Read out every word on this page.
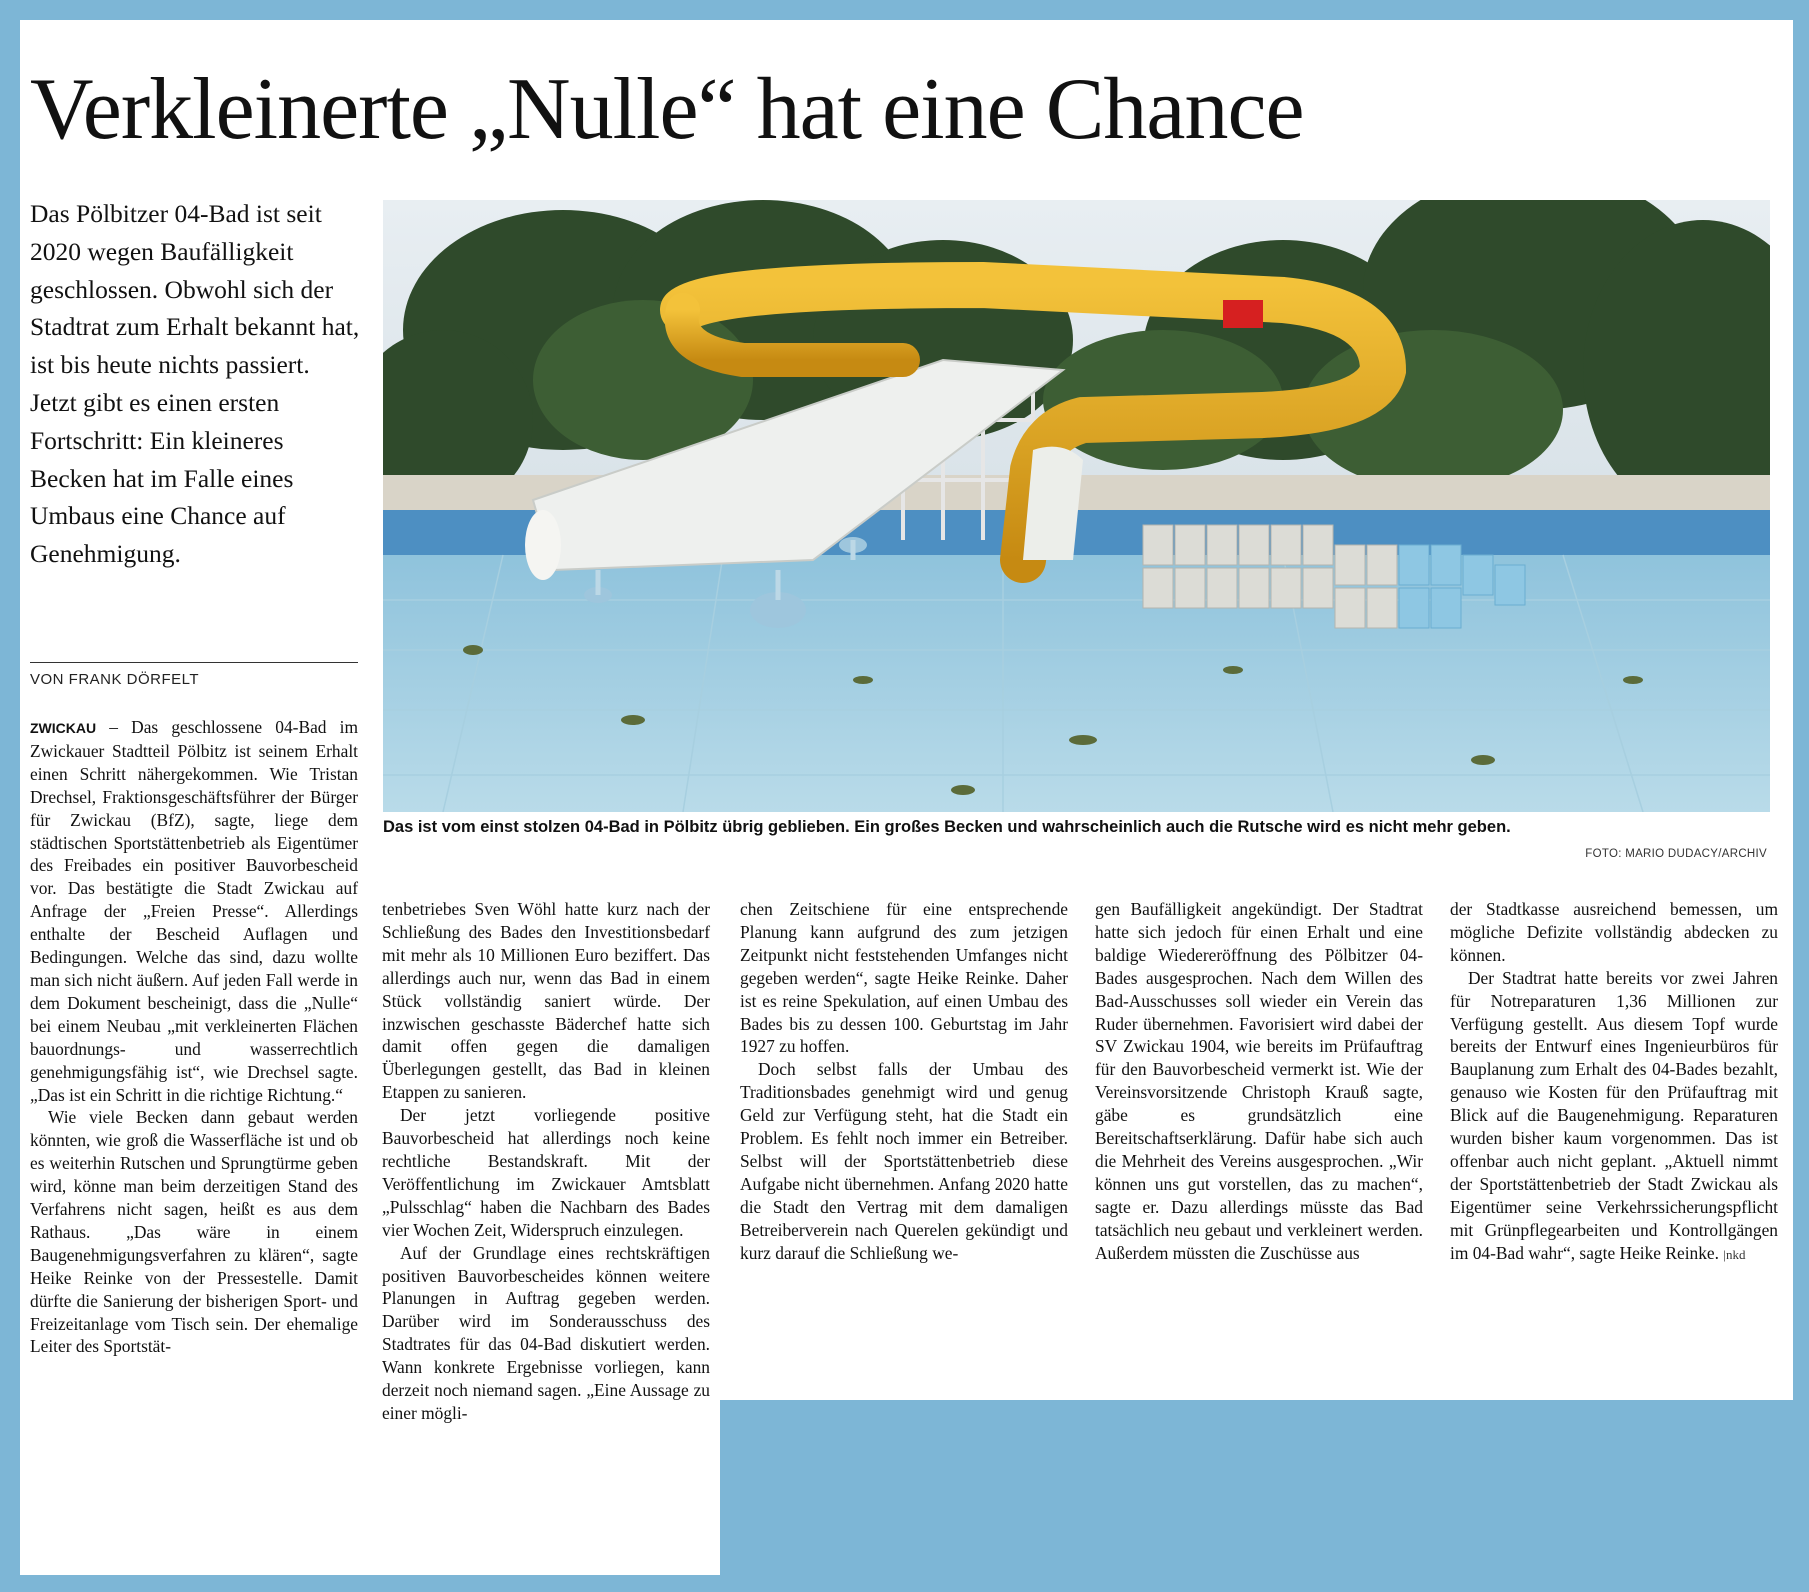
Verkleinerte „Nulle“ hat eine Chance

Das Pölbitzer 04-Bad ist seit 2020 wegen Baufälligkeit geschlossen. Obwohl sich der Stadtrat zum Erhalt bekannt hat, ist bis heute nichts passiert. Jetzt gibt es einen ersten Fortschritt: Ein kleineres Becken hat im Falle eines Umbaus eine Chance auf Genehmigung.

VON FRANK DÖRFELT
Das ist vom einst stolzen 04-Bad in Pölbitz übrig geblieben. Ein großes Becken und wahrscheinlich auch die Rutsche wird es nicht mehr geben.
FOTO: MARIO DUDACY/ARCHIV

ZWICKAU – Das geschlossene 04-Bad im Zwickauer Stadtteil Pölbitz ist seinem Erhalt einen Schritt nähergekommen. Wie Tristan Drechsel, Fraktionsgeschäftsführer der Bürger für Zwickau (BfZ), sagte, liege dem städtischen Sportstättenbetrieb als Eigentümer des Freibades ein positiver Bauvorbescheid vor. Das bestätigte die Stadt Zwickau auf Anfrage der „Freien Presse“. Allerdings enthalte der Bescheid Auflagen und Bedingungen. Welche das sind, dazu wollte man sich nicht äußern. Auf jeden Fall werde in dem Dokument bescheinigt, dass die „Nulle“ bei einem Neubau „mit verkleinerten Flächen bauordnungs- und wasserrechtlich genehmigungsfähig ist“, wie Drechsel sagte. „Das ist ein Schritt in die richtige Richtung.“

Wie viele Becken dann gebaut werden könnten, wie groß die Wasserfläche ist und ob es weiterhin Rutschen und Sprungtürme geben wird, könne man beim derzeitigen Stand des Verfahrens nicht sagen, heißt es aus dem Rathaus. „Das wäre in einem Baugenehmigungsverfahren zu klären“, sagte Heike Reinke von der Pressestelle. Damit dürfte die Sanierung der bisherigen Sport- und Freizeitanlage vom Tisch sein. Der ehemalige Leiter des Sportstät-

tenbetriebes Sven Wöhl hatte kurz nach der Schließung des Bades den Investitionsbedarf mit mehr als 10 Millionen Euro beziffert. Das allerdings auch nur, wenn das Bad in einem Stück vollständig saniert würde. Der inzwischen geschasste Bäderchef hatte sich damit offen gegen die damaligen Überlegungen gestellt, das Bad in kleinen Etappen zu sanieren.

Der jetzt vorliegende positive Bauvorbescheid hat allerdings noch keine rechtliche Bestandskraft. Mit der Veröffentlichung im Zwickauer Amtsblatt „Pulsschlag“ haben die Nachbarn des Bades vier Wochen Zeit, Widerspruch einzulegen.

Auf der Grundlage eines rechtskräftigen positiven Bauvorbescheides können weitere Planungen in Auftrag gegeben werden. Darüber wird im Sonderausschuss des Stadtrates für das 04-Bad diskutiert werden. Wann konkrete Ergebnisse vorliegen, kann derzeit noch niemand sagen. „Eine Aussage zu einer mögli-

chen Zeitschiene für eine entsprechende Planung kann aufgrund des zum jetzigen Zeitpunkt nicht feststehenden Umfanges nicht gegeben werden“, sagte Heike Reinke. Daher ist es reine Spekulation, auf einen Umbau des Bades bis zu dessen 100. Geburtstag im Jahr 1927 zu hoffen.

Doch selbst falls der Umbau des Traditionsbades genehmigt wird und genug Geld zur Verfügung steht, hat die Stadt ein Problem. Es fehlt noch immer ein Betreiber. Selbst will der Sportstättenbetrieb diese Aufgabe nicht übernehmen. Anfang 2020 hatte die Stadt den Vertrag mit dem damaligen Betreiberverein nach Querelen gekündigt und kurz darauf die Schließung we-

gen Baufälligkeit angekündigt. Der Stadtrat hatte sich jedoch für einen Erhalt und eine baldige Wiedereröffnung des Pölbitzer 04-Bades ausgesprochen. Nach dem Willen des Bad-Ausschusses soll wieder ein Verein das Ruder übernehmen. Favorisiert wird dabei der SV Zwickau 1904, wie bereits im Prüfauftrag für den Bauvorbescheid vermerkt ist. Wie der Vereinsvorsitzende Christoph Krauß sagte, gäbe es grundsätzlich eine Bereitschaftserklärung. Dafür habe sich auch die Mehrheit des Vereins ausgesprochen. „Wir können uns gut vorstellen, das zu machen“, sagte er. Dazu allerdings müsste das Bad tatsächlich neu gebaut und verkleinert werden. Außerdem müssten die Zuschüsse aus

der Stadtkasse ausreichend bemessen, um mögliche Defizite vollständig abdecken zu können.

Der Stadtrat hatte bereits vor zwei Jahren für Notreparaturen 1,36 Millionen zur Verfügung gestellt. Aus diesem Topf wurde bereits der Entwurf eines Ingenieurbüros für Bauplanung zum Erhalt des 04-Bades bezahlt, genauso wie Kosten für den Prüfauftrag mit Blick auf die Baugenehmigung. Reparaturen wurden bisher kaum vorgenommen. Das ist offenbar auch nicht geplant. „Aktuell nimmt der Sportstättenbetrieb der Stadt Zwickau als Eigentümer seine Verkehrssicherungspflicht mit Grünpflegearbeiten und Kontrollgängen im 04-Bad wahr“, sagte Heike Reinke. |nkd
